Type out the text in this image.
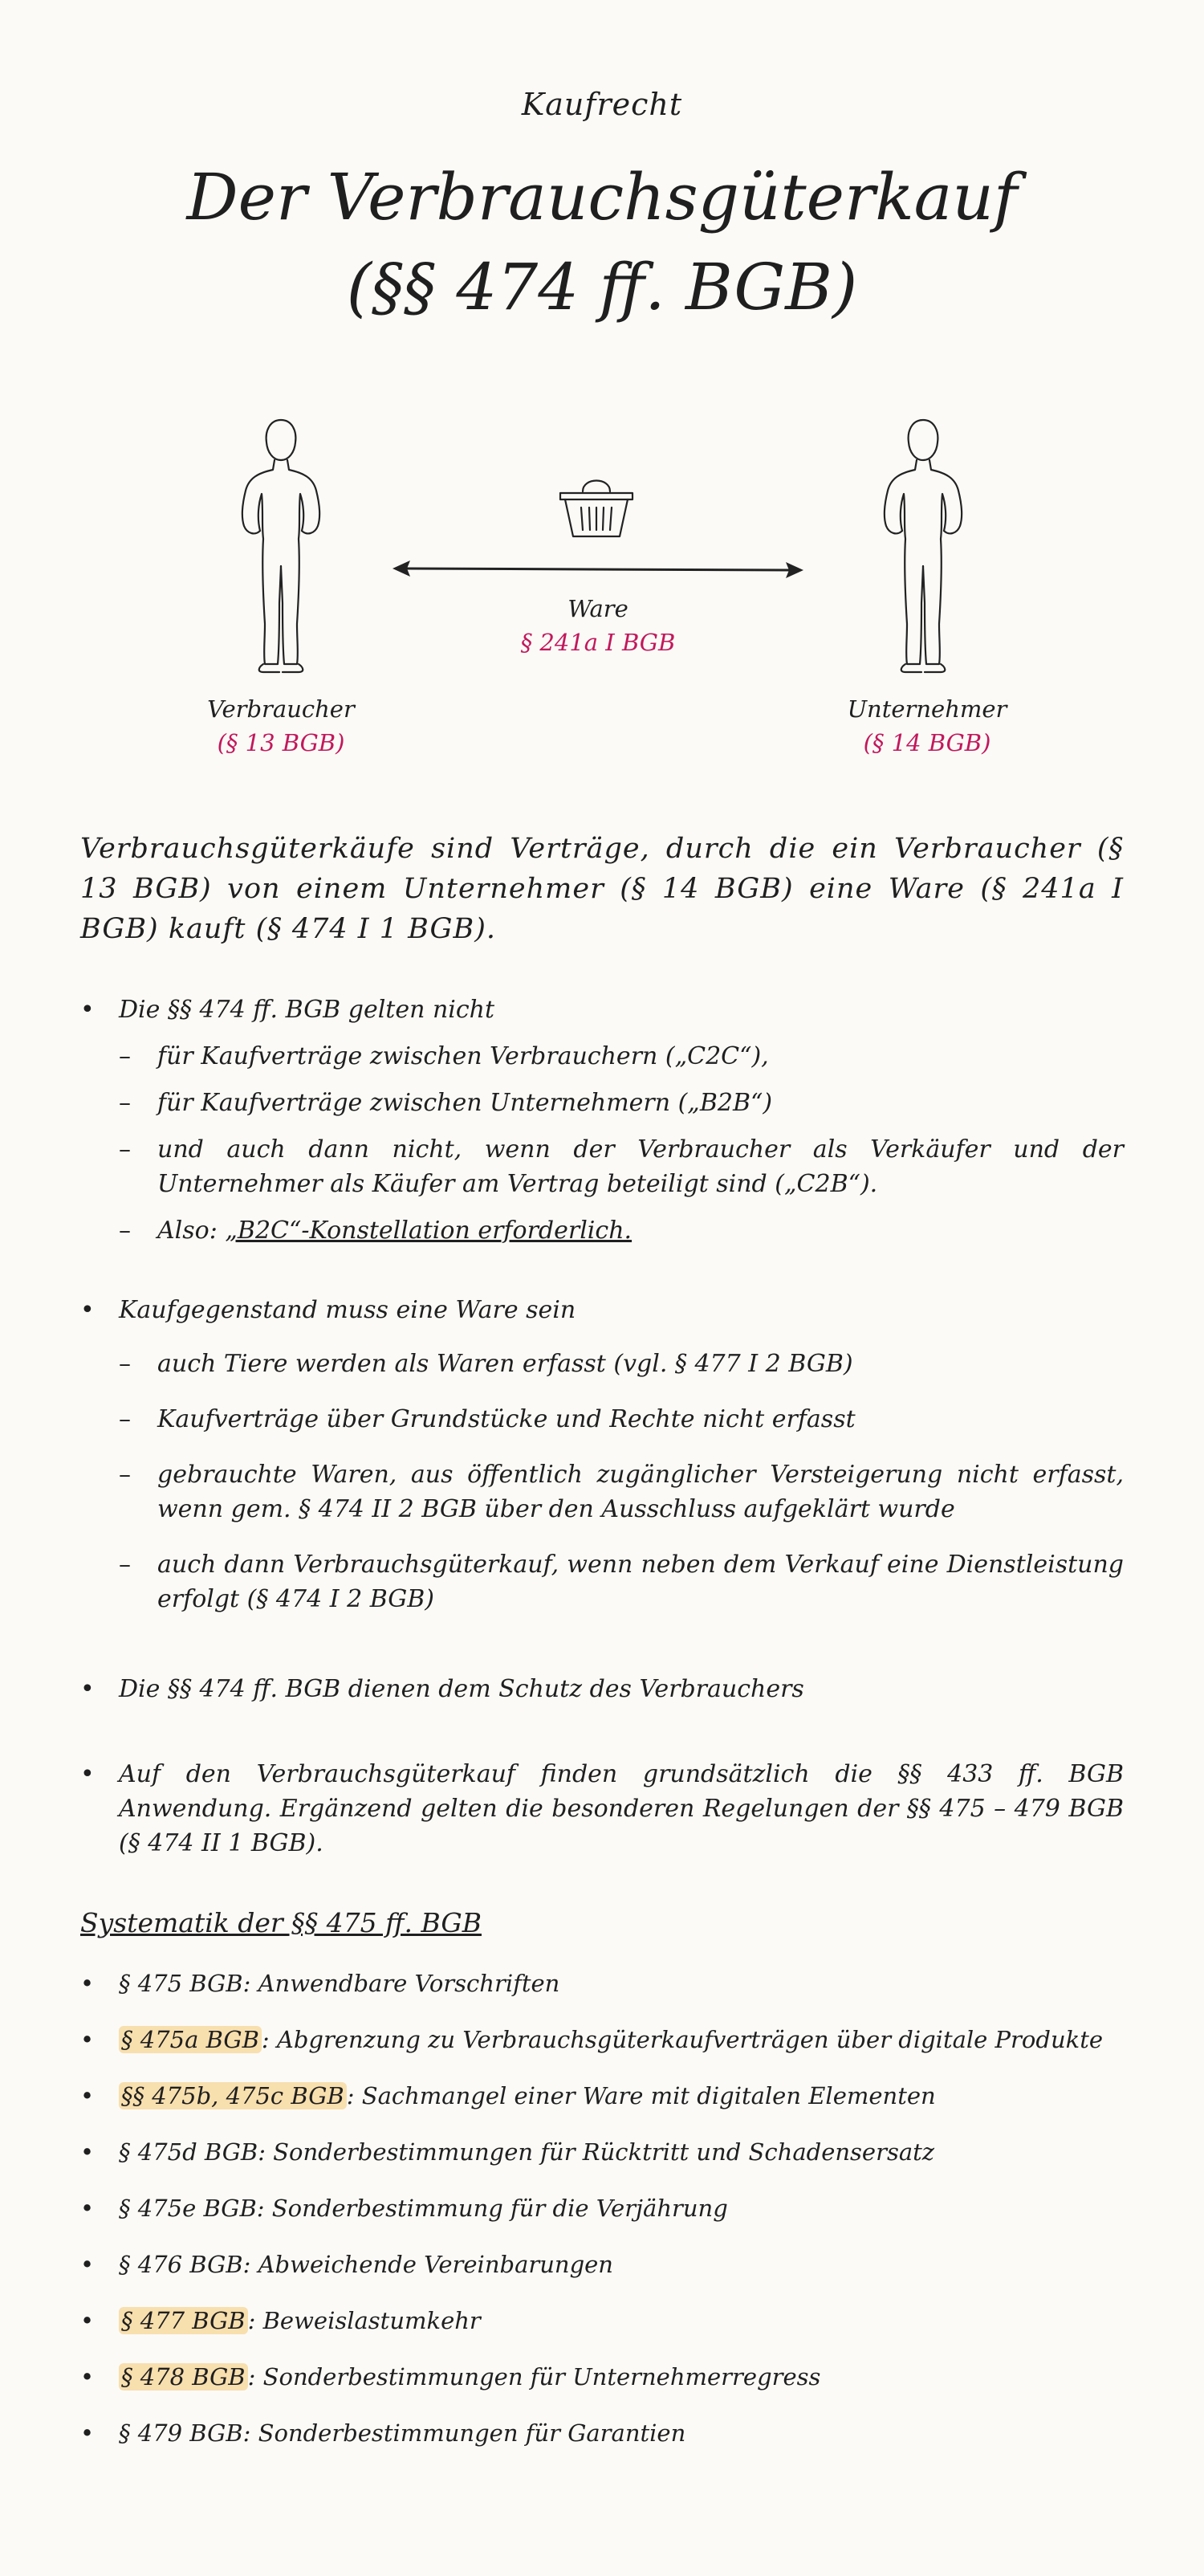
Kaufrecht
Der Verbrauchsgüterkauf
(§§ 474 ff. BGB)
Ware
§ 241a I BGB
Verbraucher
(§ 13 BGB)
Unternehmer
(§ 14 BGB)

Verbrauchsgüterkäufe sind Verträge, durch die ein Verbraucher (§ 13 BGB) von einem Unternehmer (§ 14 BGB) eine Ware (§ 241a I BGB) kauft (§ 474 I 1 BGB).

• Die §§ 474 ff. BGB gelten nicht
– für Kaufverträge zwischen Verbrauchern („C2C“),
– für Kaufverträge zwischen Unternehmern („B2B“)
– und auch dann nicht, wenn der Verbraucher als Verkäufer und der Unternehmer als Käufer am Vertrag beteiligt sind („C2B“).
– Also: „B2C“-Konstellation erforderlich.
• Kaufgegenstand muss eine Ware sein
– auch Tiere werden als Waren erfasst (vgl. § 477 I 2 BGB)
– Kaufverträge über Grundstücke und Rechte nicht erfasst
– gebrauchte Waren, aus öffentlich zugänglicher Versteigerung nicht erfasst, wenn gem. § 474 II 2 BGB über den Ausschluss aufgeklärt wurde
– auch dann Verbrauchsgüterkauf, wenn neben dem Verkauf eine Dienstleistung erfolgt (§ 474 I 2 BGB)
• Die §§ 474 ff. BGB dienen dem Schutz des Verbrauchers
• Auf den Verbrauchsgüterkauf finden grundsätzlich die §§ 433 ff. BGB Anwendung. Ergänzend gelten die besonderen Regelungen der §§ 475 – 479 BGB (§ 474 II 1 BGB).
Systematik der §§ 475 ff. BGB
• § 475 BGB: Anwendbare Vorschriften
• § 475a BGB : Abgrenzung zu Verbrauchsgüterkaufverträgen über digitale Produkte
• §§ 475b, 475c BGB : Sachmangel einer Ware mit digitalen Elementen
• § 475d BGB: Sonderbestimmungen für Rücktritt und Schadensersatz
• § 475e BGB: Sonderbestimmung für die Verjährung
• § 476 BGB: Abweichende Vereinbarungen
• § 477 BGB : Beweislastumkehr
• § 478 BGB : Sonderbestimmungen für Unternehmerregress
• § 479 BGB: Sonderbestimmungen für Garantien
